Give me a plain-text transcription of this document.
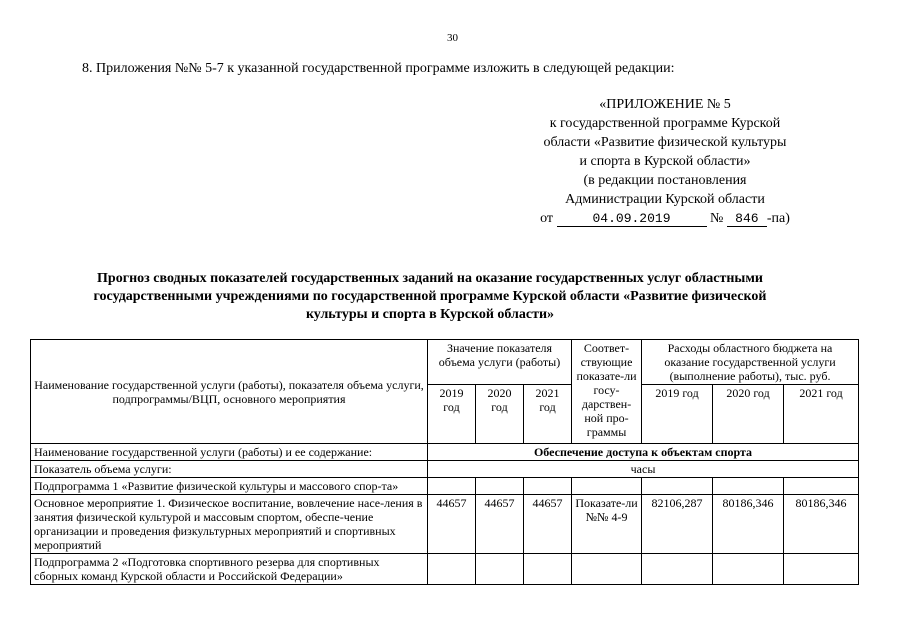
30
8. Приложения №№ 5-7 к указанной государственной программе изложить в следующей редакции:
«ПРИЛОЖЕНИЕ № 5
к государственной программе Курской
области «Развитие физической культуры
и спорта в Курской области»
(в редакции постановления
Администрации Курской области
от	04.09.2019	№ 846 -па)
Прогноз сводных показателей государственных заданий на оказание государственных услуг областными
государственными учреждениями по государственной программе Курской области «Развитие физической
культуры и спорта в Курской области»
Наименование государственной услуги (работы), показателя объема услуги, подпрограммы/ВЦП, основного мероприятия	Значение показателя объема услуги (работы)			Соответ-ствующие показате-ли госу-дарствен-ной про-граммы	Расходы областного бюджета на оказание государственной услуги (выполнение работы), тыс. руб.		
	2019 год	2020 год	2021 год		2019 год	2020 год	2021 год
Наименование государственной услуги (работы) и ее содержание:	Обеспечение доступа к объектам спорта						
Показатель объема услуги:	часы						
Подпрограмма 1 «Развитие физической культуры и массового спор-та»							
Основное мероприятие 1. Физическое воспитание, вовлечение насе-ления в занятия физической культурой и массовым спортом, обеспе-чение организации и проведения физкультурных мероприятий и спортивных мероприятий	44657	44657	44657	Показате-ли №№ 4-9	82106,287	80186,346	80186,346
Подпрограмма 2 «Подготовка спортивного резерва для спортивных сборных команд Курской области и Российской Федерации»							
